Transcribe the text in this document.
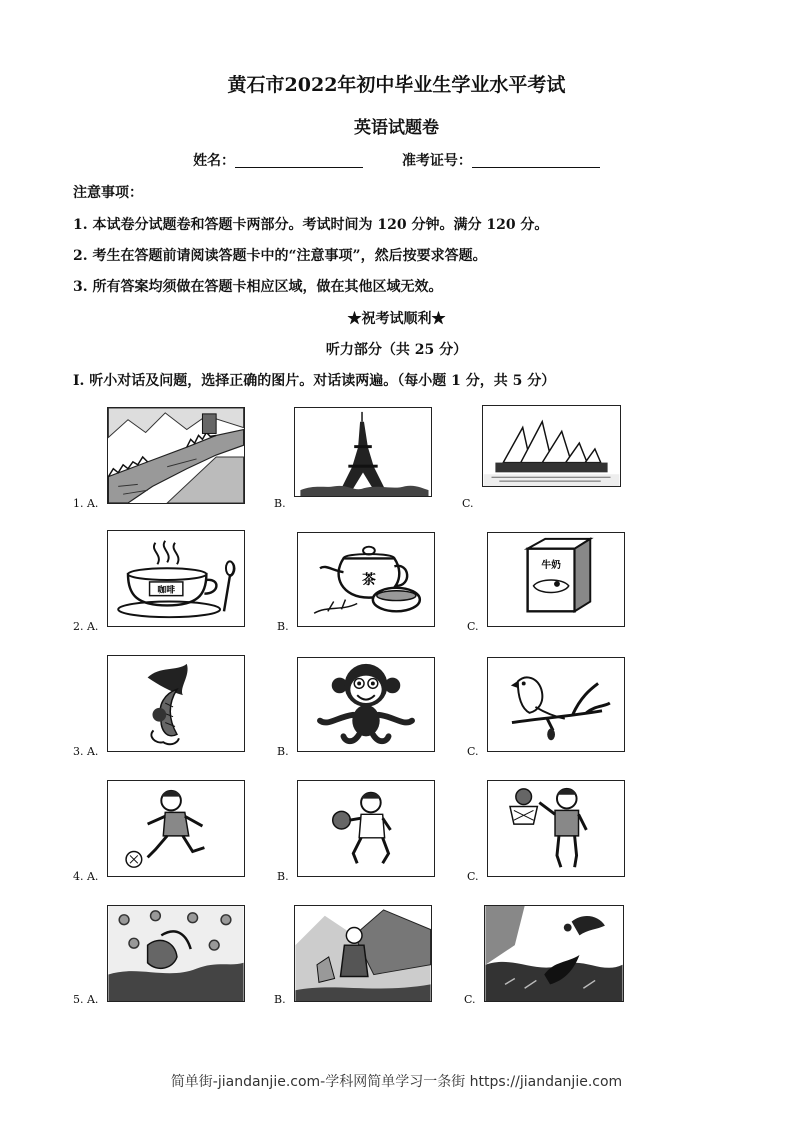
黄石市2022年初中毕业生学业水平考试
英语试题卷
姓名：	准考证号：
注意事项：
1. 本试卷分试题卷和答题卡两部分。考试时间为 120 分钟。满分 120 分。
2. 考生在答题前请阅读答题卡中的“注意事项”，然后按要求答题。
3. 所有答案均须做在答题卡相应区域，做在其他区域无效。
★祝考试顺利★
听力部分（共 25 分）
Ⅰ. 听小对话及问题，选择正确的图片。对话读两遍。（每小题 1 分，共 5 分）
1. A.	B.	C.
2. A.
咖啡
B.
茶
C.
牛奶
3. A.	B.	C.
4. A.	B.	C.
5. A.	B.	C.
简单街-jiandanjie.com-学科网简单学习一条街 https://jiandanjie.com
